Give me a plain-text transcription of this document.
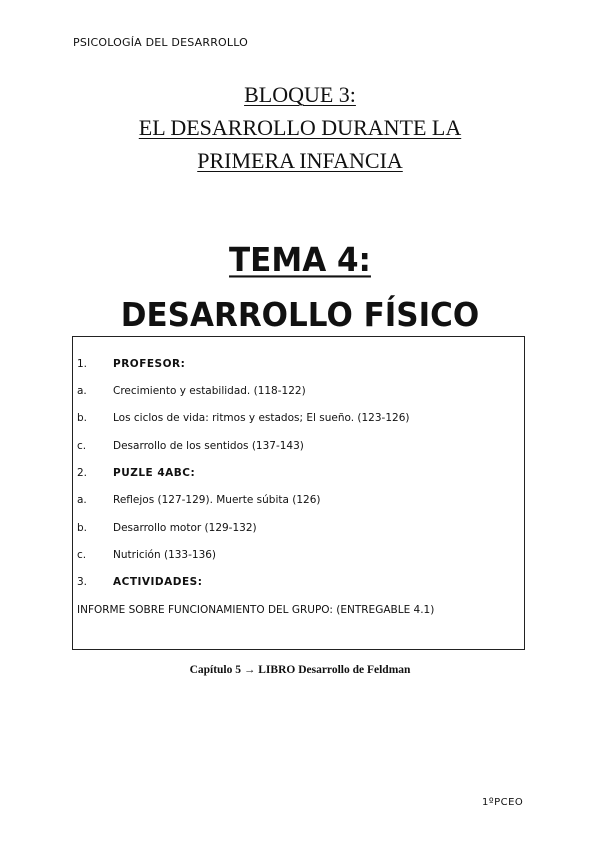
PSICOLOGÍA DEL DESARROLLO
BLOQUE 3:
EL DESARROLLO DURANTE LA
PRIMERA INFANCIA
TEMA 4:
DESARROLLO FÍSICO
1.	PROFESOR:
a.	Crecimiento y estabilidad. (118-122)
b.	Los ciclos de vida: ritmos y estados; El sueño. (123-126)
c.	Desarrollo de los sentidos (137-143)
2.	PUZLE 4ABC:
a.	Reflejos (127-129). Muerte súbita (126)
b.	Desarrollo motor (129-132)
c.	Nutrición (133-136)
3.	ACTIVIDADES:
INFORME SOBRE FUNCIONAMIENTO DEL GRUPO: (ENTREGABLE 4.1)
Capítulo 5 → LIBRO Desarrollo de Feldman
1ºPCEO
